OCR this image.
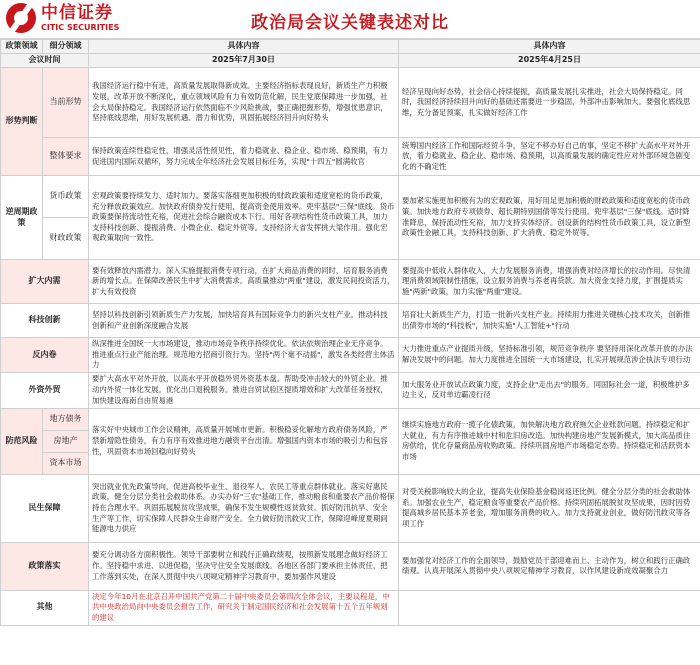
中信证券
CITIC SECURITIES	政治局会议关键表述对比
政策领域	细分领域	具体内容	具体内容
会议时间		2025年7月30日	2025年4月25日
形势判断	当前形势	我国经济运行稳中有进，高质量发展取得新成效。主要经济指标表现良好，新质生产力积极发展，改革开放不断深化，重点领域风险有力有效防范化解，民生党底保障进一步加强，社会大局保持稳定。我国经济运行依然面临不少风险挑战，要正确把握形势，增强忧患意识，坚持底线思维，用好发展机遇、潜力和优势，巩固拓展经济回升向好势头	经济呈现向好态势，社会信心持续提振，高质量发展扎实推进，社会大局保持稳定。同时，我国经济持续回升向好的基础还需要进一步稳固，外部冲击影响加大。要强化底线思维，充分备足预案，扎实做好经济工作
	整体要求	保持政策连续性稳定性，增强灵活性预见性，着力稳就业、稳企业、稳市场、稳预期，有力促进国内国际双循环，努力完成全年经济社会发展目标任务，实现"十四五"圆满收官	统筹国内经济工作和国际经贸斗争，坚定不移办好自己的事，坚定不移扩大高水平对外开放，着力稳就业、稳企业、稳市场、稳预期，以高质量发展的确定性应对外部环境急剧变化的不确定性
逆周期政策	货币政策	宏观政策要持续发力、适时加力。要落实落细更加积极的财政政策和适度宽松的货币政策，充分释放政策效应。加快政府债券发行使用，提高资金使用效率。兜牢基层"三保"底线。货币政策要保持流动性充裕，促进社会综合融资成本下行。用好各项结构性货币政策工具，加力支持科技创新、提振消费、小微企业、稳定外贸等。支持经济大省发挥挑大梁作用。强化宏观政策取向一致性。	要加紧实施更加积极有为的宏观政策，用好用足更加积极的财政政策和适度宽松的货币政策。加快地方政府专项债券、超长期特别国债等发行使用。兜牢基层"三保"底线。适时降准降息，保持流动性充裕，加力支持实体经济。创设新的结构性货币政策工具，设立新型政策性金融工具，支持科技创新、扩大消费、稳定外贸等。
	财政政策		
扩大内需		要有效释放内需潜力。深入实施提振消费专项行动，在扩大商品消费的同时，培育服务消费新的增长点。在保障改善民生中扩大消费需求。高质量推动"两重"建设，激发民间投资活力，扩大有效投资	要提高中低收入群体收入，大力发展服务消费，增强消费对经济增长的拉动作用。尽快清理消费领域限制性措施，设立服务消费与养老再贷款。加大资金支持力度，扩围提质实施"两新"政策，加力实施"两重"建设。
科技创新		坚持以科技创新引领新质生产力发展，加快培育具有国际竞争力的新兴支柱产业。推动科技创新和产业创新深度融合发展	培育壮大新质生产力，打造一批新兴支柱产业。持续用力推进关键核心技术攻关，创新推出债券市场的"科技板"，加快实施"人工智能+"行动
反内卷		纵深推进全国统一大市场建设，推动市场竞争秩序持续优化。依法依规治理企业无序竞争。推进重点行业产能治理。规范地方招商引资行为。坚持"两个毫不动摇"，激发各类经营主体活力	大力推进重点产业提质升级，坚持标准引领，规范竞争秩序 要坚持用深化改革开放的办法解决发展中的问题。加大力度推进全国统一大市场建设，扎实开展规范涉企执法专项行动
外资外贸		要扩大高水平对外开放，以高水平开放稳外贸外资基本盘。帮助受冲击较大的外贸企业。推动内外贸一体化发展。优化出口退税服务。推进自贸试验区提质增效和扩大改革任务授权，加快建设海南自由贸易港	加大服务业开放试点政策力度，支持企业"走出去"的服务。同国际社会一道，积极维护多边主义，反对单边霸凌行径
防范风险	地方债务	落实好中央城市工作会议精神，高质量开展城市更新。积极稳妥化解地方政府债务风险，严禁新增隐性债务，有力有序有效推进地方融资平台出清。增强国内资本市场的吸引力和包容性，巩固资本市场回稳向好势头	继续实施地方政府一揽子化债政策，加快解决地方政府拖欠企业账款问题。持续稳定和扩大就业，有力有序推进城中村和危旧房改造。加快构建房地产发展新模式，加大高品质住房供给，优化存量商品房收购政策。持续巩固房地产市场稳定态势。持续稳定和活跃资本市场
	房地产		
	资本市场		
民生保障		突出就业优先政策导向，促进高校毕业生、退役军人、农民工等重点群体就业。落实好惠民政策，健全分层分类社会救助体系。办实办好"三农"基础工作，推动粮食和重要农产品价格保持在合理水平。巩固拓展脱贫攻坚成果，确保不发生规模性返贫致贫。抓好防汛抗旱、安全生产等工作，切实保障人民群众生命财产安全。全力做好防汛救灾工作，保障迎峰度夏期间能源电力供应	对受关税影响较大的企业，提高失业保险基金稳岗返还比例。健全分层分类的社会救助体系。加强农业生产，稳定粮食等重要农产品价格。持续巩固拓展脱贫攻坚成果，因时因势提高城乡居民基本养老金，增加服务消费的收入。加力支持就业创业，做好防汛救灾等各项工作
政策落实		要充分调动各方面积极性。领导干部要树立和践行正确政绩观，按照新发展理念做好经济工作。坚持稳中求进、以进促稳，坚决守住安全发展底线。各地区各部门要承担主体责任，把工作落到实处，在深入贯彻中央八项规定精神学习教育中，要加强作风建设	要加强党对经济工作的全面领导，鼓励党员干部迎难而上、主动作为，树立和践行正确政绩观。认真开展深入贯彻中央八项规定精神学习教育，以作风建设新成效凝聚合力
其他		决定今年10月在北京召开中国共产党第二十届中央委员会第四次全体会议，主要议程是，中共中央政治局向中央委员会报告工作，研究关于制定国民经济和社会发展第十五个五年规划的建议	
